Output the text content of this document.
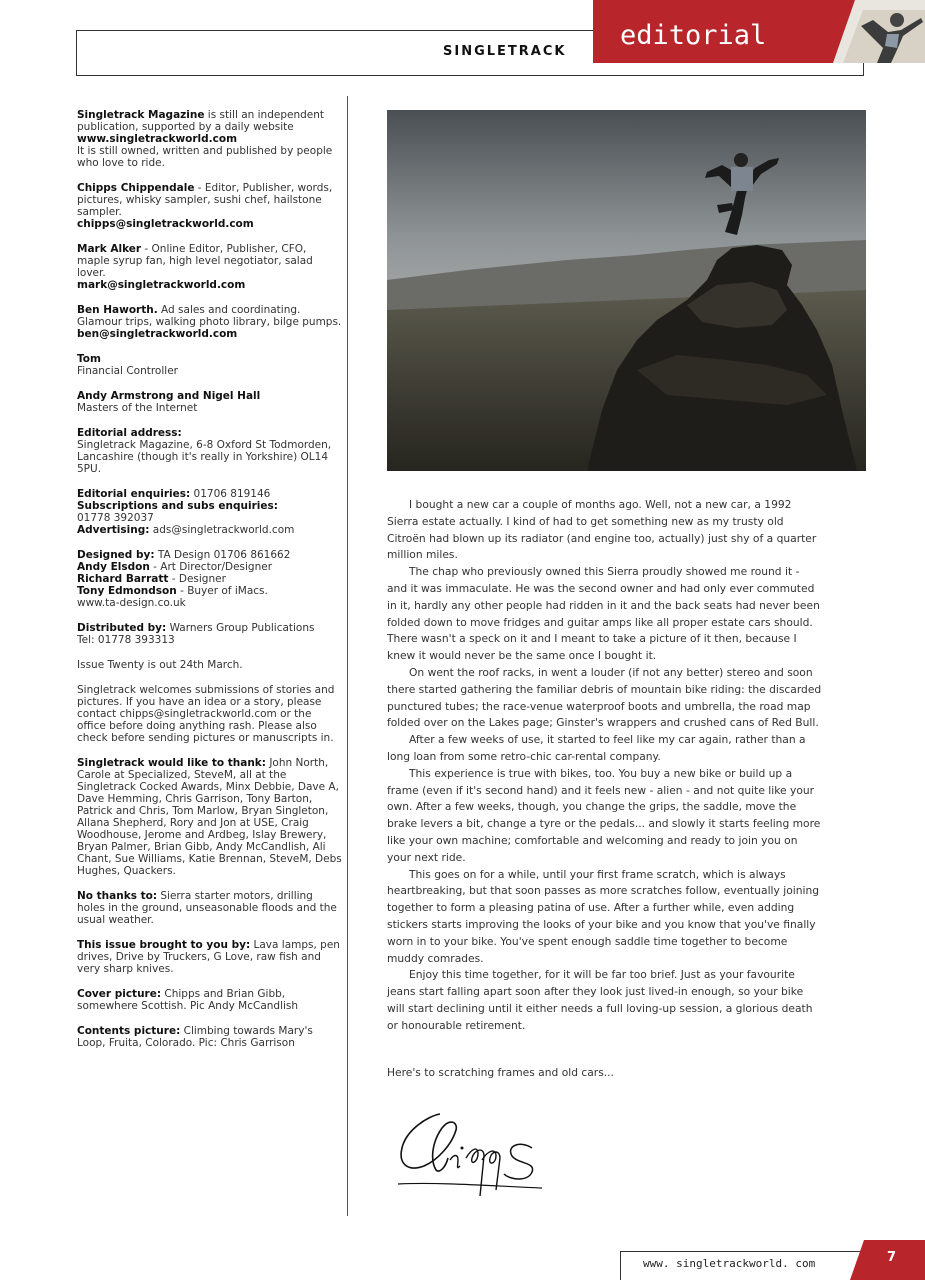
SINGLETRACK
editorial

Singletrack Magazine is still an independent publication, supported by a daily website www.singletrackworld.com
It is still owned, written and published by people who love to ride.

Chipps Chippendale - Editor, Publisher, words, pictures, whisky sampler, sushi chef, hailstone sampler.
chipps@singletrackworld.com

Mark Alker - Online Editor, Publisher, CFO, maple syrup fan, high level negotiator, salad lover.
mark@singletrackworld.com

Ben Haworth. Ad sales and coordinating. Glamour trips, walking photo library, bilge pumps.
ben@singletrackworld.com

Tom
Financial Controller

Andy Armstrong and Nigel Hall
Masters of the Internet

Editorial address:
Singletrack Magazine, 6-8 Oxford St Todmorden, Lancashire (though it's really in Yorkshire) OL14 5PU.

Editorial enquiries: 01706 819146
Subscriptions and subs enquiries:
01778 392037
Advertising: ads@singletrackworld.com

Designed by: TA Design 01706 861662
Andy Elsdon - Art Director/Designer
Richard Barratt - Designer
Tony Edmondson - Buyer of iMacs.
www.ta-design.co.uk

Distributed by: Warners Group Publications
Tel: 01778 393313

Issue Twenty is out 24th March.

Singletrack welcomes submissions of stories and pictures. If you have an idea or a story, please contact chipps@singletrackworld.com or the office before doing anything rash. Please also check before sending pictures or manuscripts in.

Singletrack would like to thank: John North, Carole at Specialized, SteveM, all at the Singletrack Cocked Awards, Minx Debbie, Dave A, Dave Hemming, Chris Garrison, Tony Barton, Patrick and Chris, Tom Marlow, Bryan Singleton, Allana Shepherd, Rory and Jon at USE, Craig Woodhouse, Jerome and Ardbeg, Islay Brewery, Bryan Palmer, Brian Gibb, Andy McCandlish, Ali Chant, Sue Williams, Katie Brennan, SteveM, Debs Hughes, Quackers.

No thanks to: Sierra starter motors, drilling holes in the ground, unseasonable floods and the usual weather.

This issue brought to you by: Lava lamps, pen drives, Drive by Truckers, G Love, raw fish and very sharp knives.

Cover picture: Chipps and Brian Gibb, somewhere Scottish. Pic Andy McCandlish

Contents picture: Climbing towards Mary's Loop, Fruita, Colorado. Pic: Chris Garrison

I bought a new car a couple of months ago. Well, not a new car, a 1992 Sierra estate actually. I kind of had to get something new as my trusty old Citroën had blown up its radiator (and engine too, actually) just shy of a quarter million miles.

The chap who previously owned this Sierra proudly showed me round it - and it was immaculate. He was the second owner and had only ever commuted in it, hardly any other people had ridden in it and the back seats had never been folded down to move fridges and guitar amps like all proper estate cars should. There wasn't a speck on it and I meant to take a picture of it then, because I knew it would never be the same once I bought it.

On went the roof racks, in went a louder (if not any better) stereo and soon there started gathering the familiar debris of mountain bike riding: the discarded punctured tubes; the race-venue waterproof boots and umbrella, the road map folded over on the Lakes page; Ginster's wrappers and crushed cans of Red Bull.

After a few weeks of use, it started to feel like my car again, rather than a long loan from some retro-chic car-rental company.

This experience is true with bikes, too. You buy a new bike or build up a frame (even if it's second hand) and it feels new - alien - and not quite like your own. After a few weeks, though, you change the grips, the saddle, move the brake levers a bit, change a tyre or the pedals... and slowly it starts feeling more like your own machine; comfortable and welcoming and ready to join you on your next ride.

This goes on for a while, until your first frame scratch, which is always heartbreaking, but that soon passes as more scratches follow, eventually joining together to form a pleasing patina of use. After a further while, even adding stickers starts improving the looks of your bike and you know that you've finally worn in to your bike. You've spent enough saddle time together to become muddy comrades.

Enjoy this time together, for it will be far too brief. Just as your favourite jeans start falling apart soon after they look just lived-in enough, so your bike will start declining until it either needs a full loving-up session, a glorious death or honourable retirement.

Here's to scratching frames and old cars...
Chipps
www. singletrackworld. com	7
